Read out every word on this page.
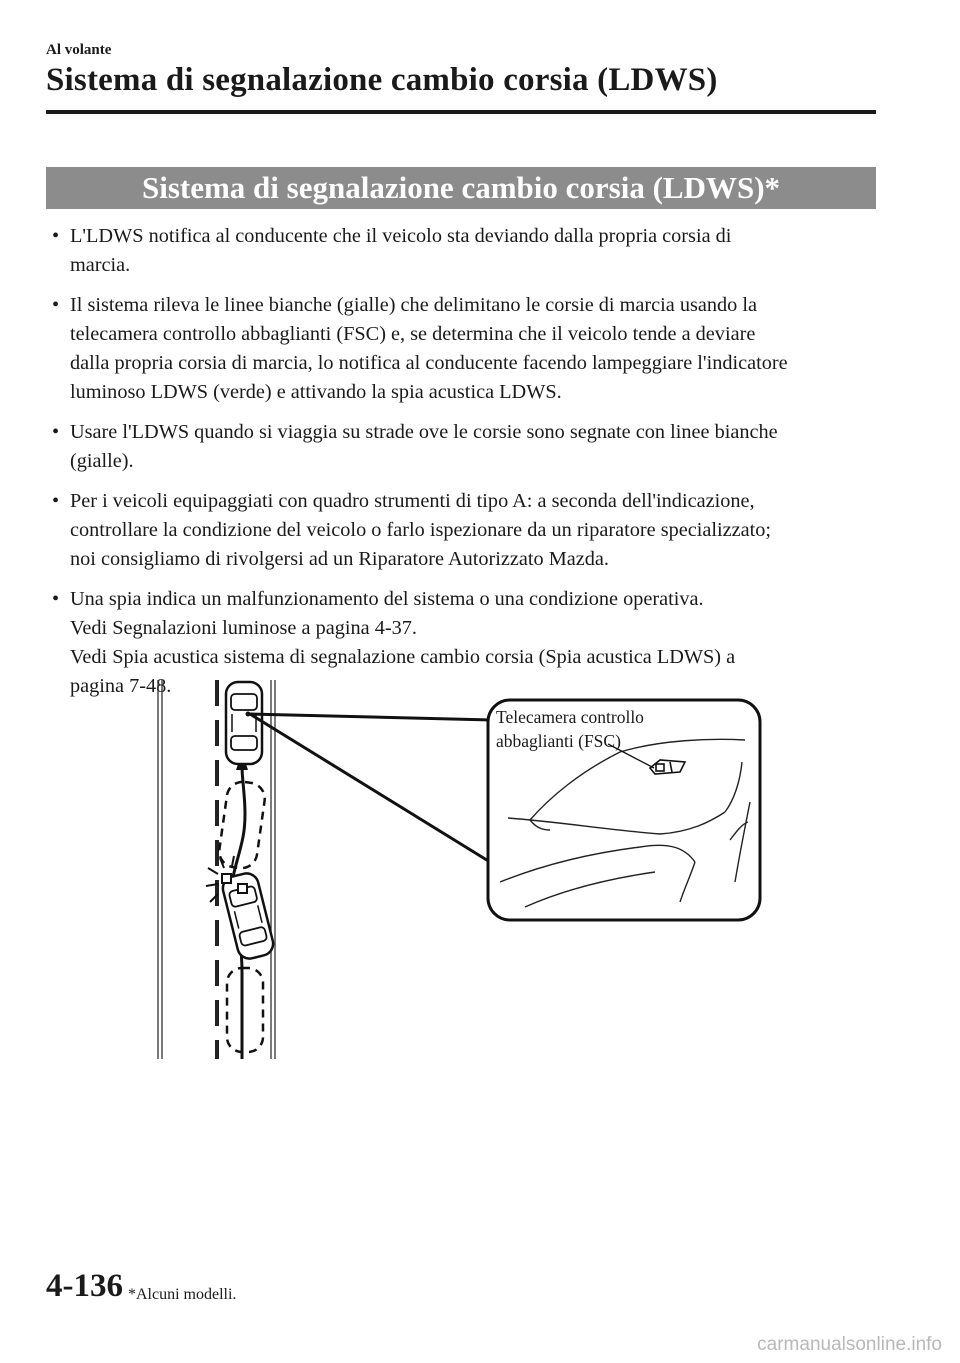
Al volante
Sistema di segnalazione cambio corsia (LDWS)
Sistema di segnalazione cambio corsia (LDWS)*
• L'LDWS notifica al conducente che il veicolo sta deviando dalla propria corsia di
marcia.
• Il sistema rileva le linee bianche (gialle) che delimitano le corsie di marcia usando la
telecamera controllo abbaglianti (FSC) e, se determina che il veicolo tende a deviare
dalla propria corsia di marcia, lo notifica al conducente facendo lampeggiare l'indicatore
luminoso LDWS (verde) e attivando la spia acustica LDWS.
• Usare l'LDWS quando si viaggia su strade ove le corsie sono segnate con linee bianche
(gialle).
• Per i veicoli equipaggiati con quadro strumenti di tipo A: a seconda dell'indicazione,
controllare la condizione del veicolo o farlo ispezionare da un riparatore specializzato;
noi consigliamo di rivolgersi ad un Riparatore Autorizzato Mazda.
• Una spia indica un malfunzionamento del sistema o una condizione operativa.
Vedi Segnalazioni luminose a pagina 4-37.
Vedi Spia acustica sistema di segnalazione cambio corsia (Spia acustica LDWS) a
pagina 7-48.
Telecamera controllo
abbaglianti (FSC)
4-136 *Alcuni modelli.
carmanualsonline.info
